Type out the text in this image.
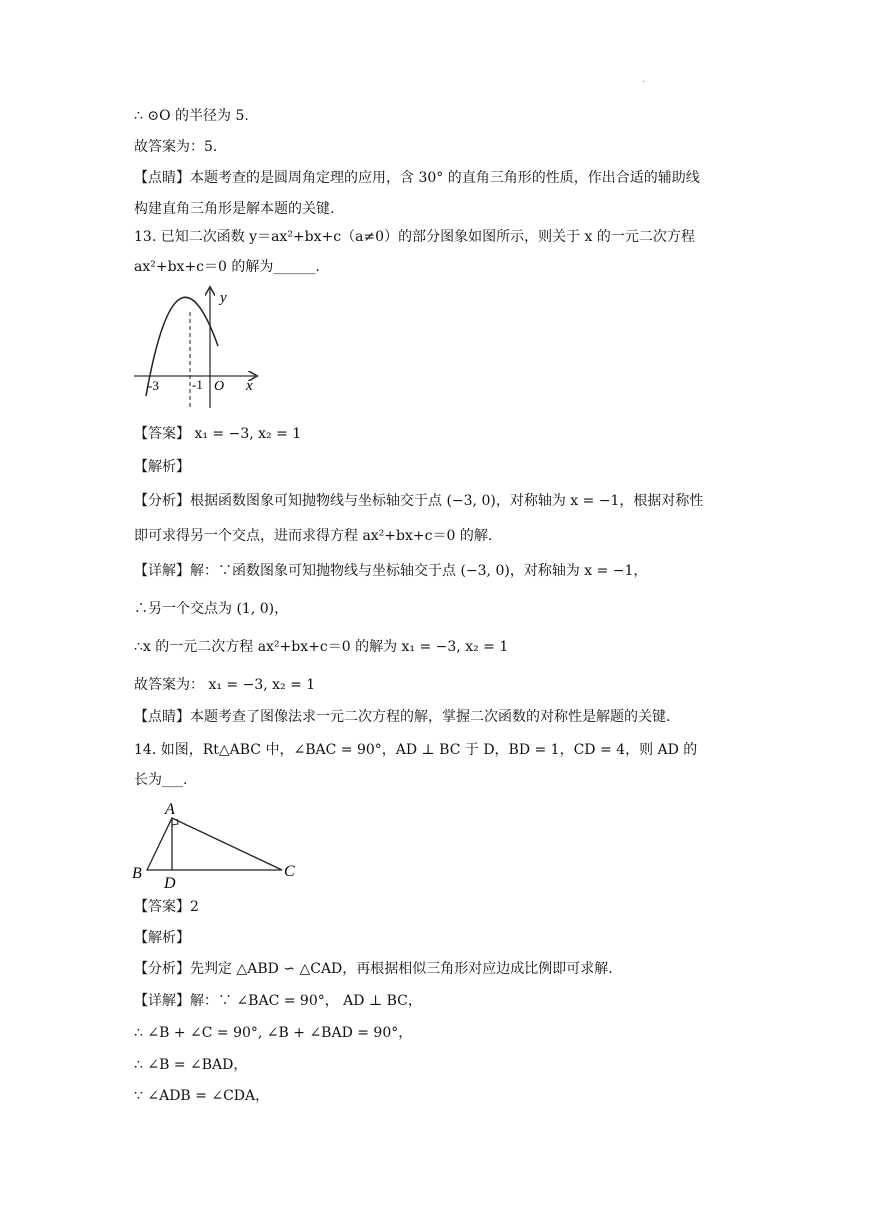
.
∴ ⊙O 的半径为 5.
故答案为：5.
【点睛】本题考查的是圆周角定理的应用，含 30° 的直角三角形的性质，作出合适的辅助线
构建直角三角形是解本题的关键.
13. 已知二次函数 y＝ax²+bx+c（a≠0）的部分图象如图所示，则关于 x 的一元二次方程
ax²+bx+c＝0 的解为______.
y
x
O
-3	-1
【答案】 x₁ = −3, x₂ = 1
【解析】
【分析】根据函数图象可知抛物线与坐标轴交于点 (−3, 0)，对称轴为 x = −1，根据对称性
即可求得另一个交点，进而求得方程 ax²+bx+c＝0 的解.
【详解】解：∵函数图象可知抛物线与坐标轴交于点 (−3, 0)，对称轴为 x = −1，
∴另一个交点为 (1, 0)，
∴x 的一元二次方程 ax²+bx+c＝0 的解为 x₁ = −3, x₂ = 1
故答案为： x₁ = −3, x₂ = 1
【点睛】本题考查了图像法求一元二次方程的解，掌握二次函数的对称性是解题的关键.
14. 如图，Rt△ABC 中，∠BAC = 90°，AD ⊥ BC 于 D，BD = 1，CD = 4，则 AD 的
长为___.
A
B	C
D
【答案】2
【解析】
【分析】先判定 △ABD ∽ △CAD，再根据相似三角形对应边成比例即可求解.
【详解】解：∵ ∠BAC = 90°， AD ⊥ BC，
∴ ∠B + ∠C = 90°, ∠B + ∠BAD = 90°，
∴ ∠B = ∠BAD，
∵ ∠ADB = ∠CDA，
